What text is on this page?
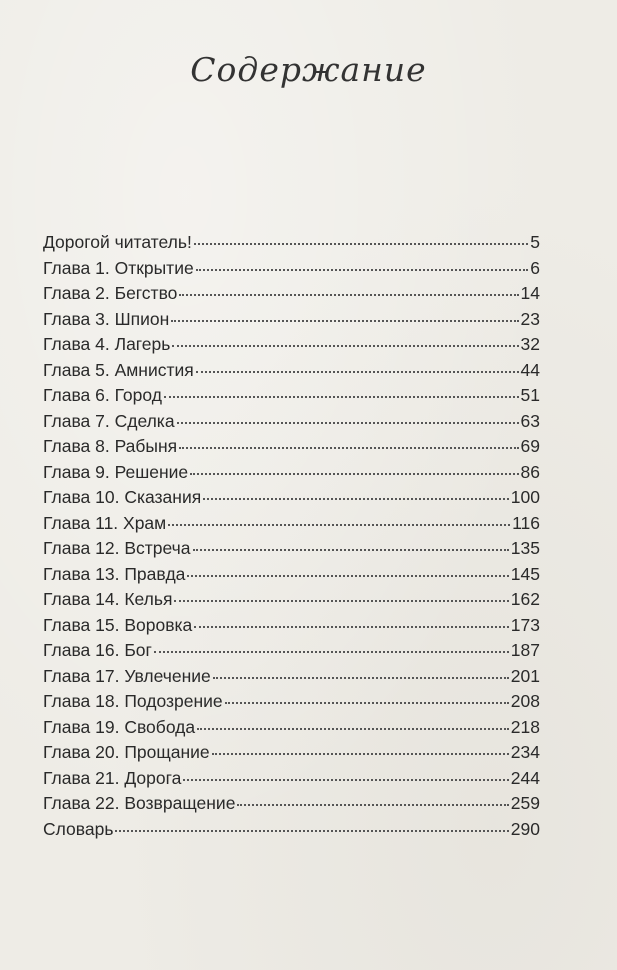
Содержание
Дорогой читатель!	5
Глава 1. Открытие	6
Глава 2. Бегство	14
Глава 3. Шпион	23
Глава 4. Лагерь	32
Глава 5. Амнистия	44
Глава 6. Город	51
Глава 7. Сделка	63
Глава 8. Рабыня	69
Глава 9. Решение	86
Глава 10. Сказания	100
Глава 11. Храм	116
Глава 12. Встреча	135
Глава 13. Правда	145
Глава 14. Келья	162
Глава 15. Воровка	173
Глава 16. Бог	187
Глава 17. Увлечение	201
Глава 18. Подозрение	208
Глава 19. Свобода	218
Глава 20. Прощание	234
Глава 21. Дорога	244
Глава 22. Возвращение	259
Словарь	290
